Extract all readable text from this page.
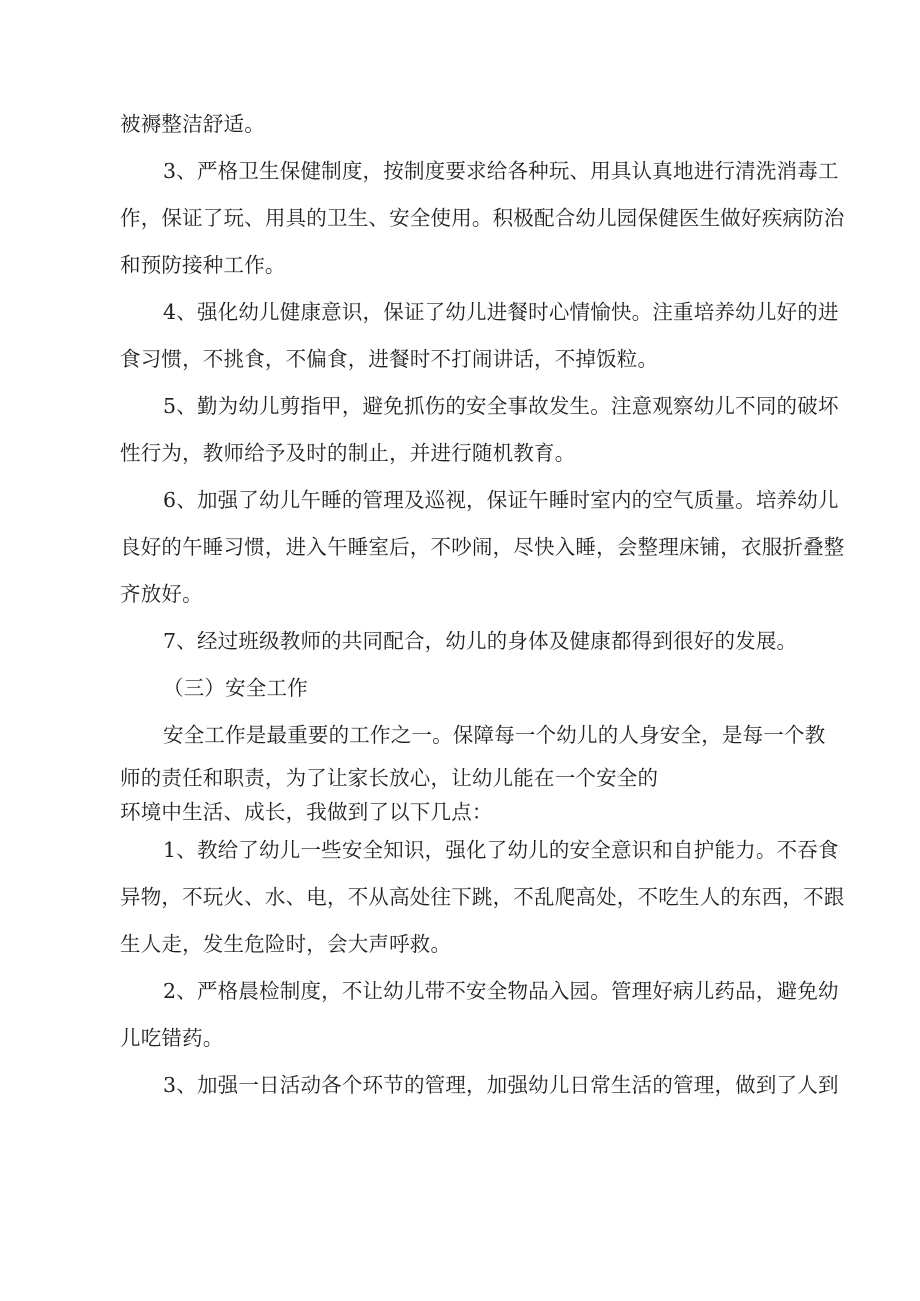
被褥整洁舒适。
3、严格卫生保健制度，按制度要求给各种玩、用具认真地进行清洗消毒工
作，保证了玩、用具的卫生、安全使用。积极配合幼儿园保健医生做好疾病防治
和预防接种工作。
4、强化幼儿健康意识，保证了幼儿进餐时心情愉快。注重培养幼儿好的进
食习惯，不挑食，不偏食，进餐时不打闹讲话，不掉饭粒。
5、勤为幼儿剪指甲，避免抓伤的安全事故发生。注意观察幼儿不同的破坏
性行为，教师给予及时的制止，并进行随机教育。
6、加强了幼儿午睡的管理及巡视，保证午睡时室内的空气质量。培养幼儿
良好的午睡习惯，进入午睡室后，不吵闹，尽快入睡，会整理床铺，衣服折叠整
齐放好。
7、经过班级教师的共同配合，幼儿的身体及健康都得到很好的发展。
（三）安全工作
安全工作是最重要的工作之一。保障每一个幼儿的人身安全，是每一个教
师的责任和职责，为了让家长放心，让幼儿能在一个安全的
环境中生活、成长，我做到了以下几点：
1、教给了幼儿一些安全知识，强化了幼儿的安全意识和自护能力。不吞食
异物，不玩火、水、电，不从高处往下跳，不乱爬高处，不吃生人的东西，不跟
生人走，发生危险时，会大声呼救。
2、严格晨检制度，不让幼儿带不安全物品入园。管理好病儿药品，避免幼
儿吃错药。
3、加强一日活动各个环节的管理，加强幼儿日常生活的管理，做到了人到
